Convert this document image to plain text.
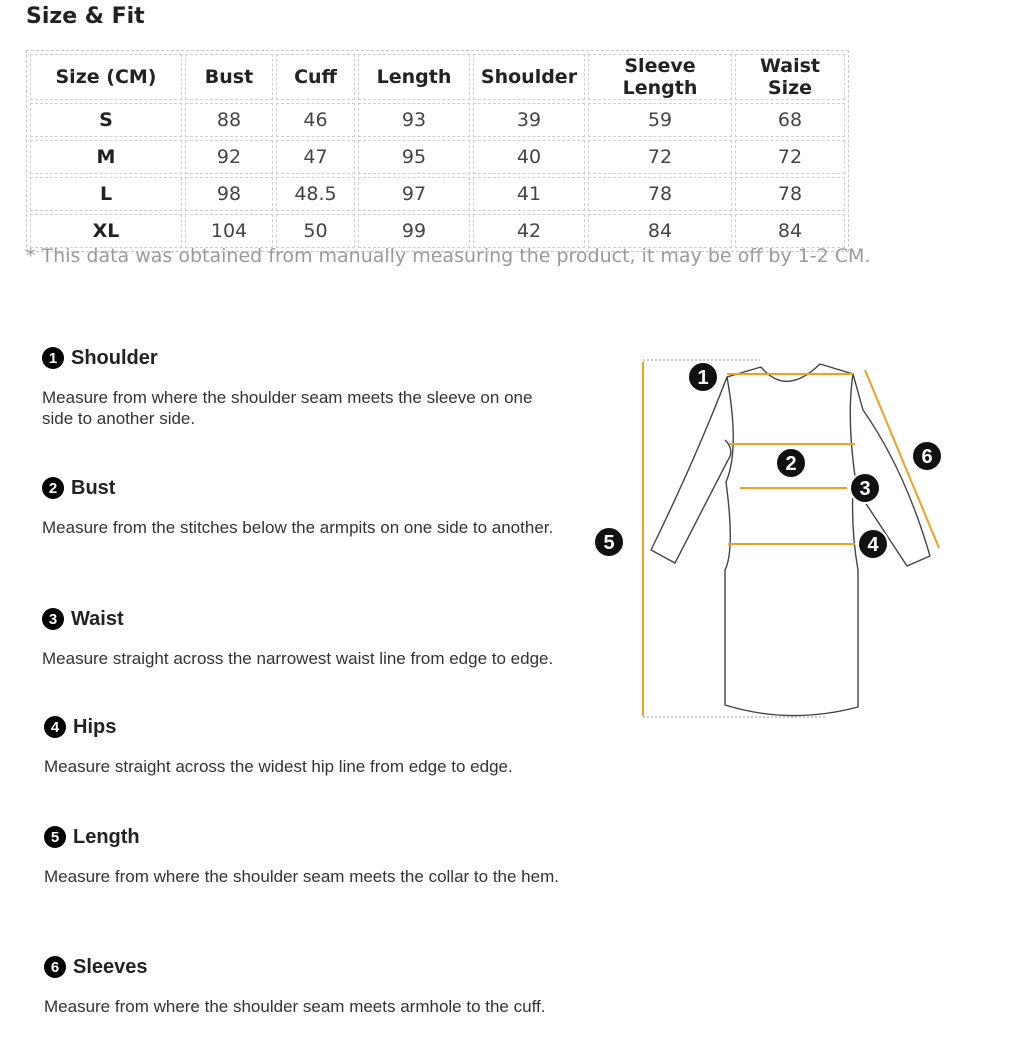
Size & Fit
Size (CM)	Bust	Cuff	Length	Shoulder	Sleeve Length	Waist Size
S	88	46	93	39	59	68
M	92	47	95	40	72	72
L	98	48.5	97	41	78	78
XL	104	50	99	42	84	84
* This data was obtained from manually measuring the product, it may be off by 1-2 CM.
1 Shoulder
Measure from where the shoulder seam meets the sleeve on one side to another side.
2 Bust
Measure from the stitches below the armpits on one side to another.
3 Waist
Measure straight across the narrowest waist line from edge to edge.
4 Hips
Measure straight across the widest hip line from edge to edge.
5 Length
Measure from where the shoulder seam meets the collar to the hem.
6 Sleeves
Measure from where the shoulder seam meets armhole to the cuff.
1
2
3
4
5
6
